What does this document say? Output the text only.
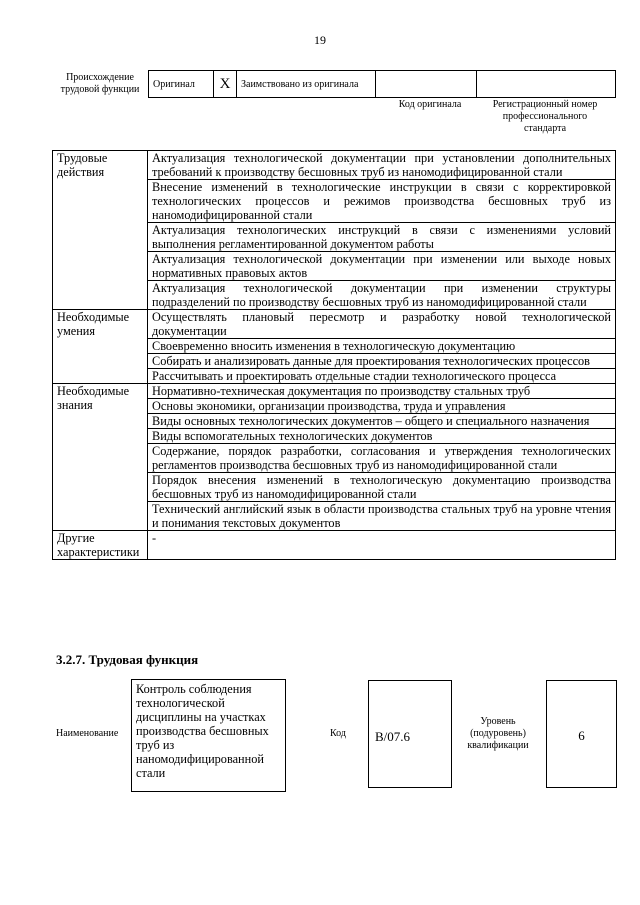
19
Происхождение трудовой функции	Оригинал	X	Заимствовано из оригинала		
Код оригинала	Регистрационный номер профессионального стандарта
Трудовые действия	Актуализация технологической документации при установлении дополнительных требований к производству бесшовных труб из наномодифицированной стали
	Внесение изменений в технологические инструкции в связи с корректировкой технологических процессов и режимов производства бесшовных труб из наномодифицированной стали
	Актуализация технологических инструкций в связи с изменениями условий выполнения регламентированной документом работы
	Актуализация технологической документации при изменении или выходе новых нормативных правовых актов
	Актуализация технологической документации при изменении структуры подразделений по производству бесшовных труб из наномодифицированной стали
Необходимые умения	Осуществлять плановый пересмотр и разработку новой технологической документации
	Своевременно вносить изменения в технологическую документацию
	Собирать и анализировать данные для проектирования технологических процессов
	Рассчитывать и проектировать отдельные стадии технологического процесса
Необходимые знания	Нормативно-техническая документация по производству стальных труб
	Основы экономики, организации производства, труда и управления
	Виды основных технологических документов – общего и специального назначения
	Виды вспомогательных технологических документов
	Содержание, порядок разработки, согласования и утверждения технологических регламентов производства бесшовных труб из наномодифицированной стали
	Порядок внесения изменений в технологическую документацию производства бесшовных труб из наномодифицированной стали
	Технический английский язык в области производства стальных труб на уровне чтения и понимания текстовых документов
Другие характеристики	-
3.2.7. Трудовая функция
Наименование
Контроль соблюдения технологической дисциплины на участках производства бесшовных труб из наномодифицированной стали
Код B/07.6
Уровень (подуровень) квалификации
6
